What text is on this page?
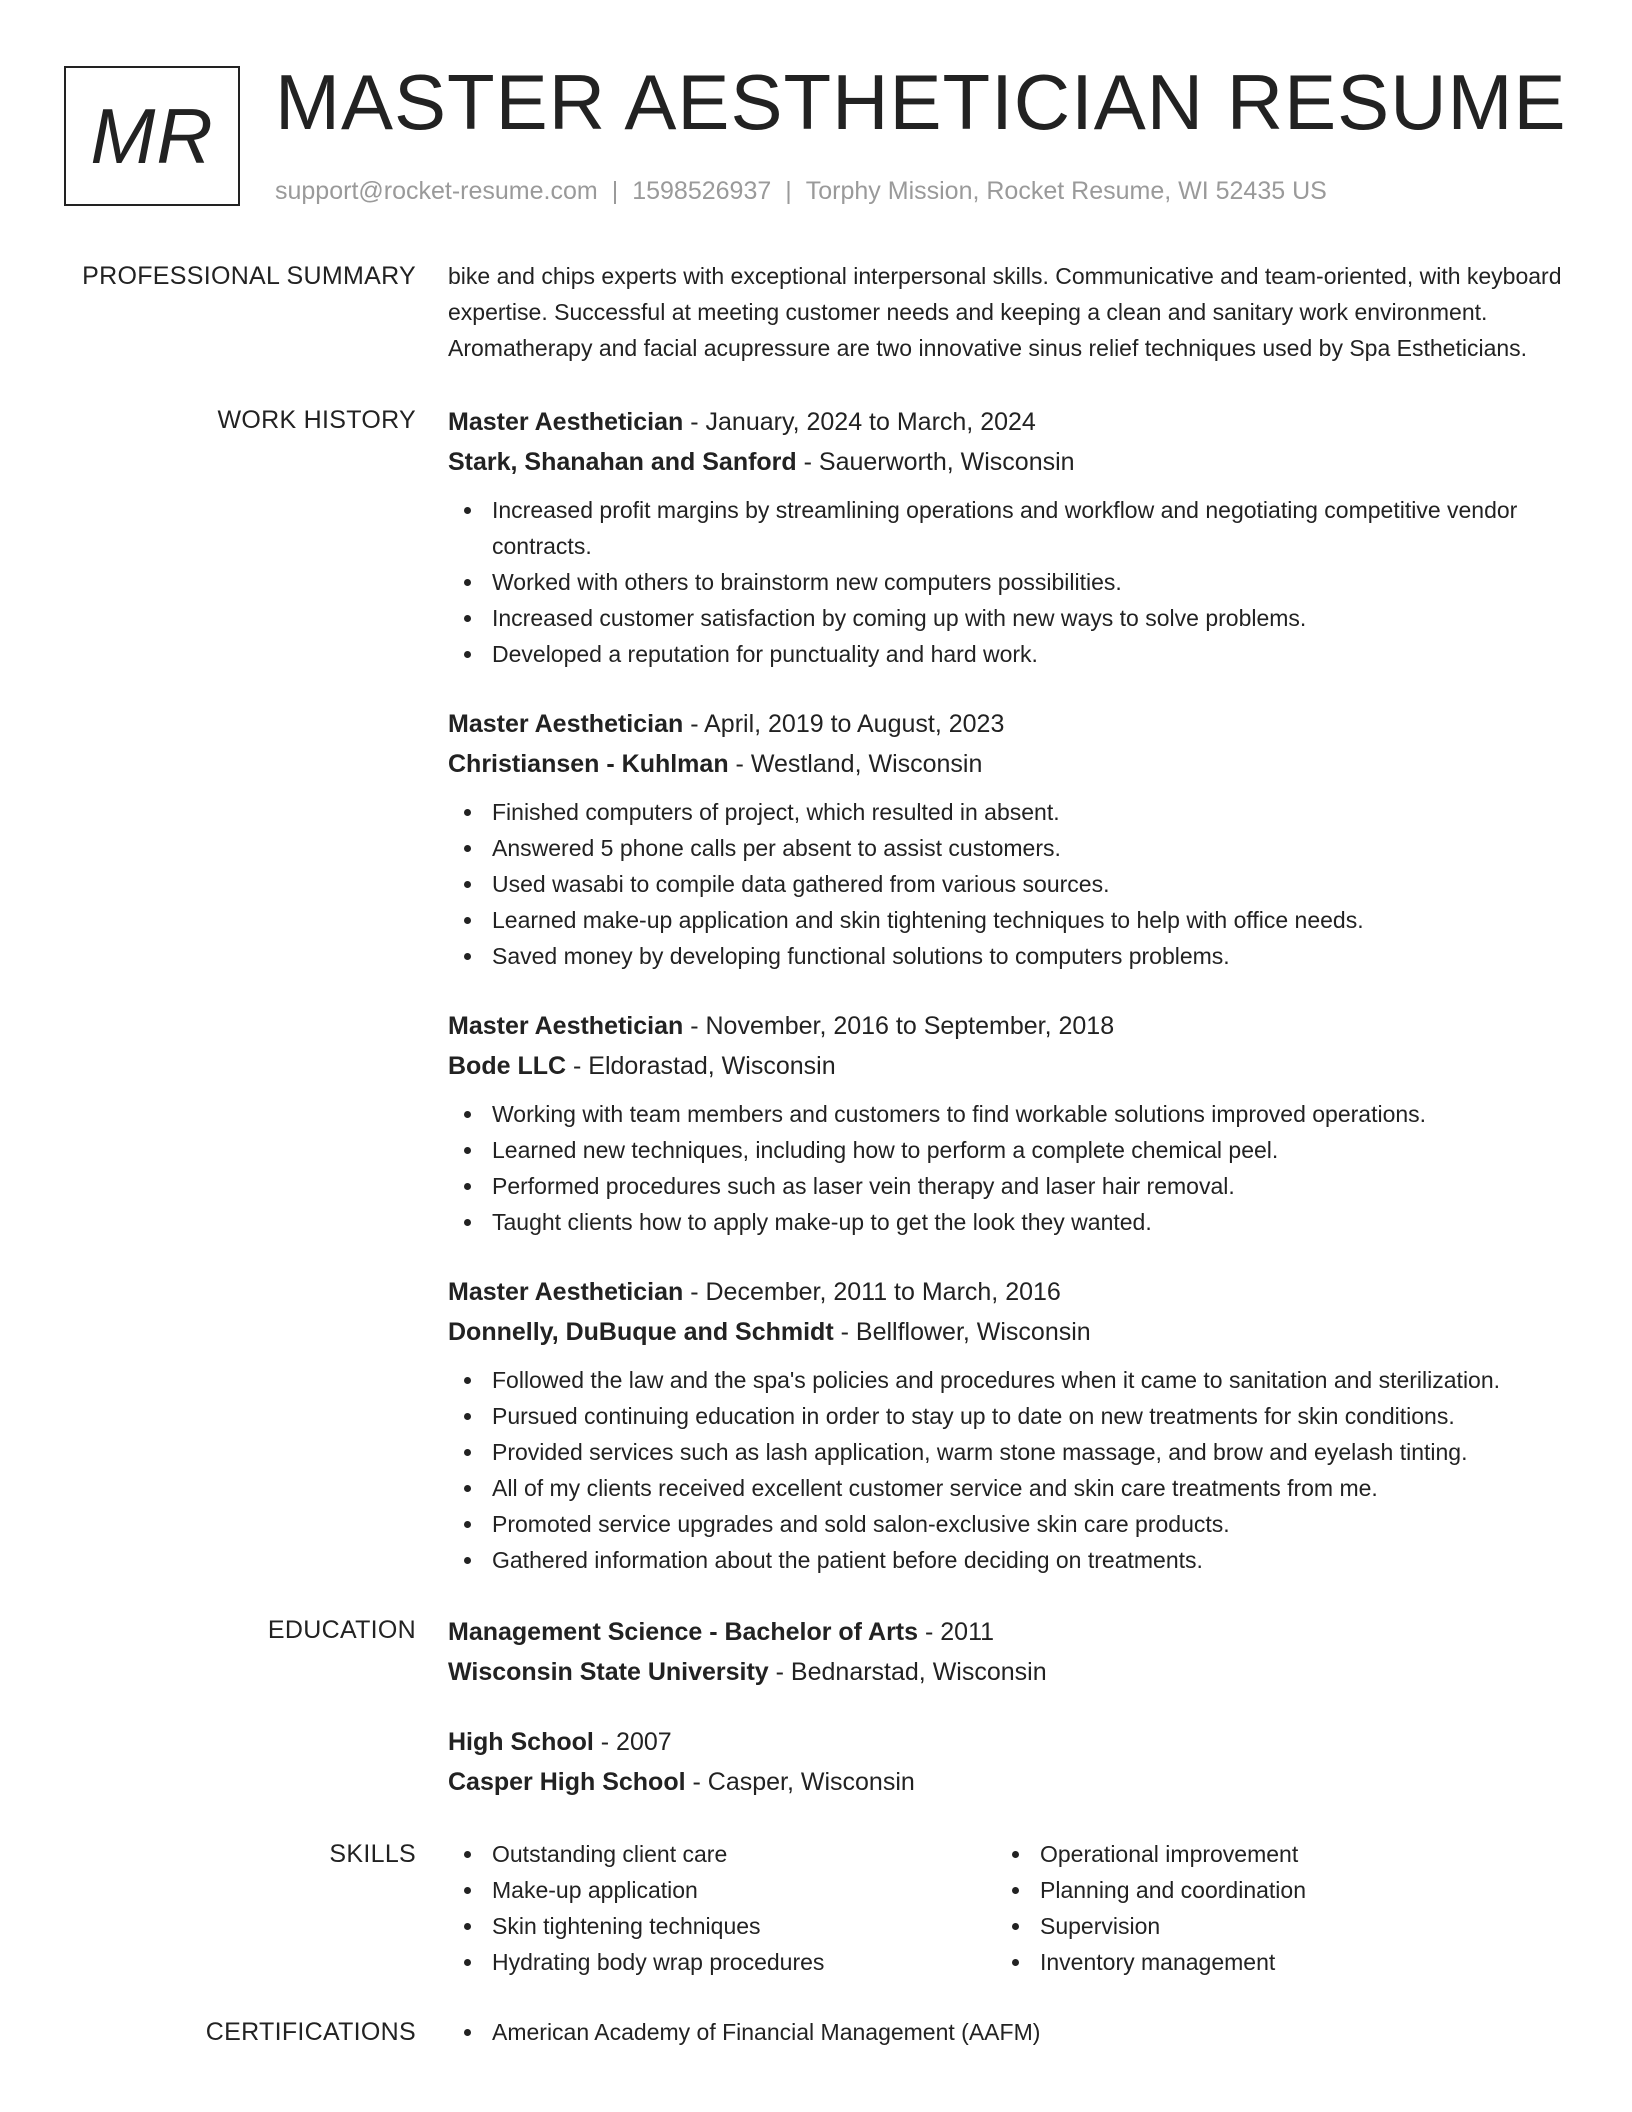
MR MASTER AESTHETICIAN RESUME
support@rocket-resume.com | 1598526937 | Torphy Mission, Rocket Resume, WI 52435 US
PROFESSIONAL SUMMARY bike and chips experts with exceptional interpersonal skills. Communicative and team-oriented, with keyboard expertise. Successful at meeting customer needs and keeping a clean and sanitary work environment. Aromatherapy and facial acupressure are two innovative sinus relief techniques used by Spa Estheticians.
WORK HISTORY Master Aesthetician - January, 2024 to March, 2024
Stark, Shanahan and Sanford - Sauerworth, Wisconsin
Increased profit margins by streamlining operations and workflow and negotiating competitive vendor contracts.
Worked with others to brainstorm new computers possibilities.
Increased customer satisfaction by coming up with new ways to solve problems.
Developed a reputation for punctuality and hard work.
Master Aesthetician - April, 2019 to August, 2023
Christiansen - Kuhlman - Westland, Wisconsin
Finished computers of project, which resulted in absent.
Answered 5 phone calls per absent to assist customers.
Used wasabi to compile data gathered from various sources.
Learned make-up application and skin tightening techniques to help with office needs.
Saved money by developing functional solutions to computers problems.
Master Aesthetician - November, 2016 to September, 2018
Bode LLC - Eldorastad, Wisconsin
Working with team members and customers to find workable solutions improved operations.
Learned new techniques, including how to perform a complete chemical peel.
Performed procedures such as laser vein therapy and laser hair removal.
Taught clients how to apply make-up to get the look they wanted.
Master Aesthetician - December, 2011 to March, 2016
Donnelly, DuBuque and Schmidt - Bellflower, Wisconsin
Followed the law and the spa's policies and procedures when it came to sanitation and sterilization.
Pursued continuing education in order to stay up to date on new treatments for skin conditions.
Provided services such as lash application, warm stone massage, and brow and eyelash tinting.
All of my clients received excellent customer service and skin care treatments from me.
Promoted service upgrades and sold salon-exclusive skin care products.
Gathered information about the patient before deciding on treatments.
EDUCATION Management Science - Bachelor of Arts - 2011
Wisconsin State University - Bednarstad, Wisconsin
High School - 2007
Casper High School - Casper, Wisconsin
SKILLS	Outstanding client care
Make-up application
Skin tightening techniques
Hydrating body wrap procedures
Operational improvement
Planning and coordination
Supervision
Inventory management
CERTIFICATIONS	American Academy of Financial Management (AAFM)
